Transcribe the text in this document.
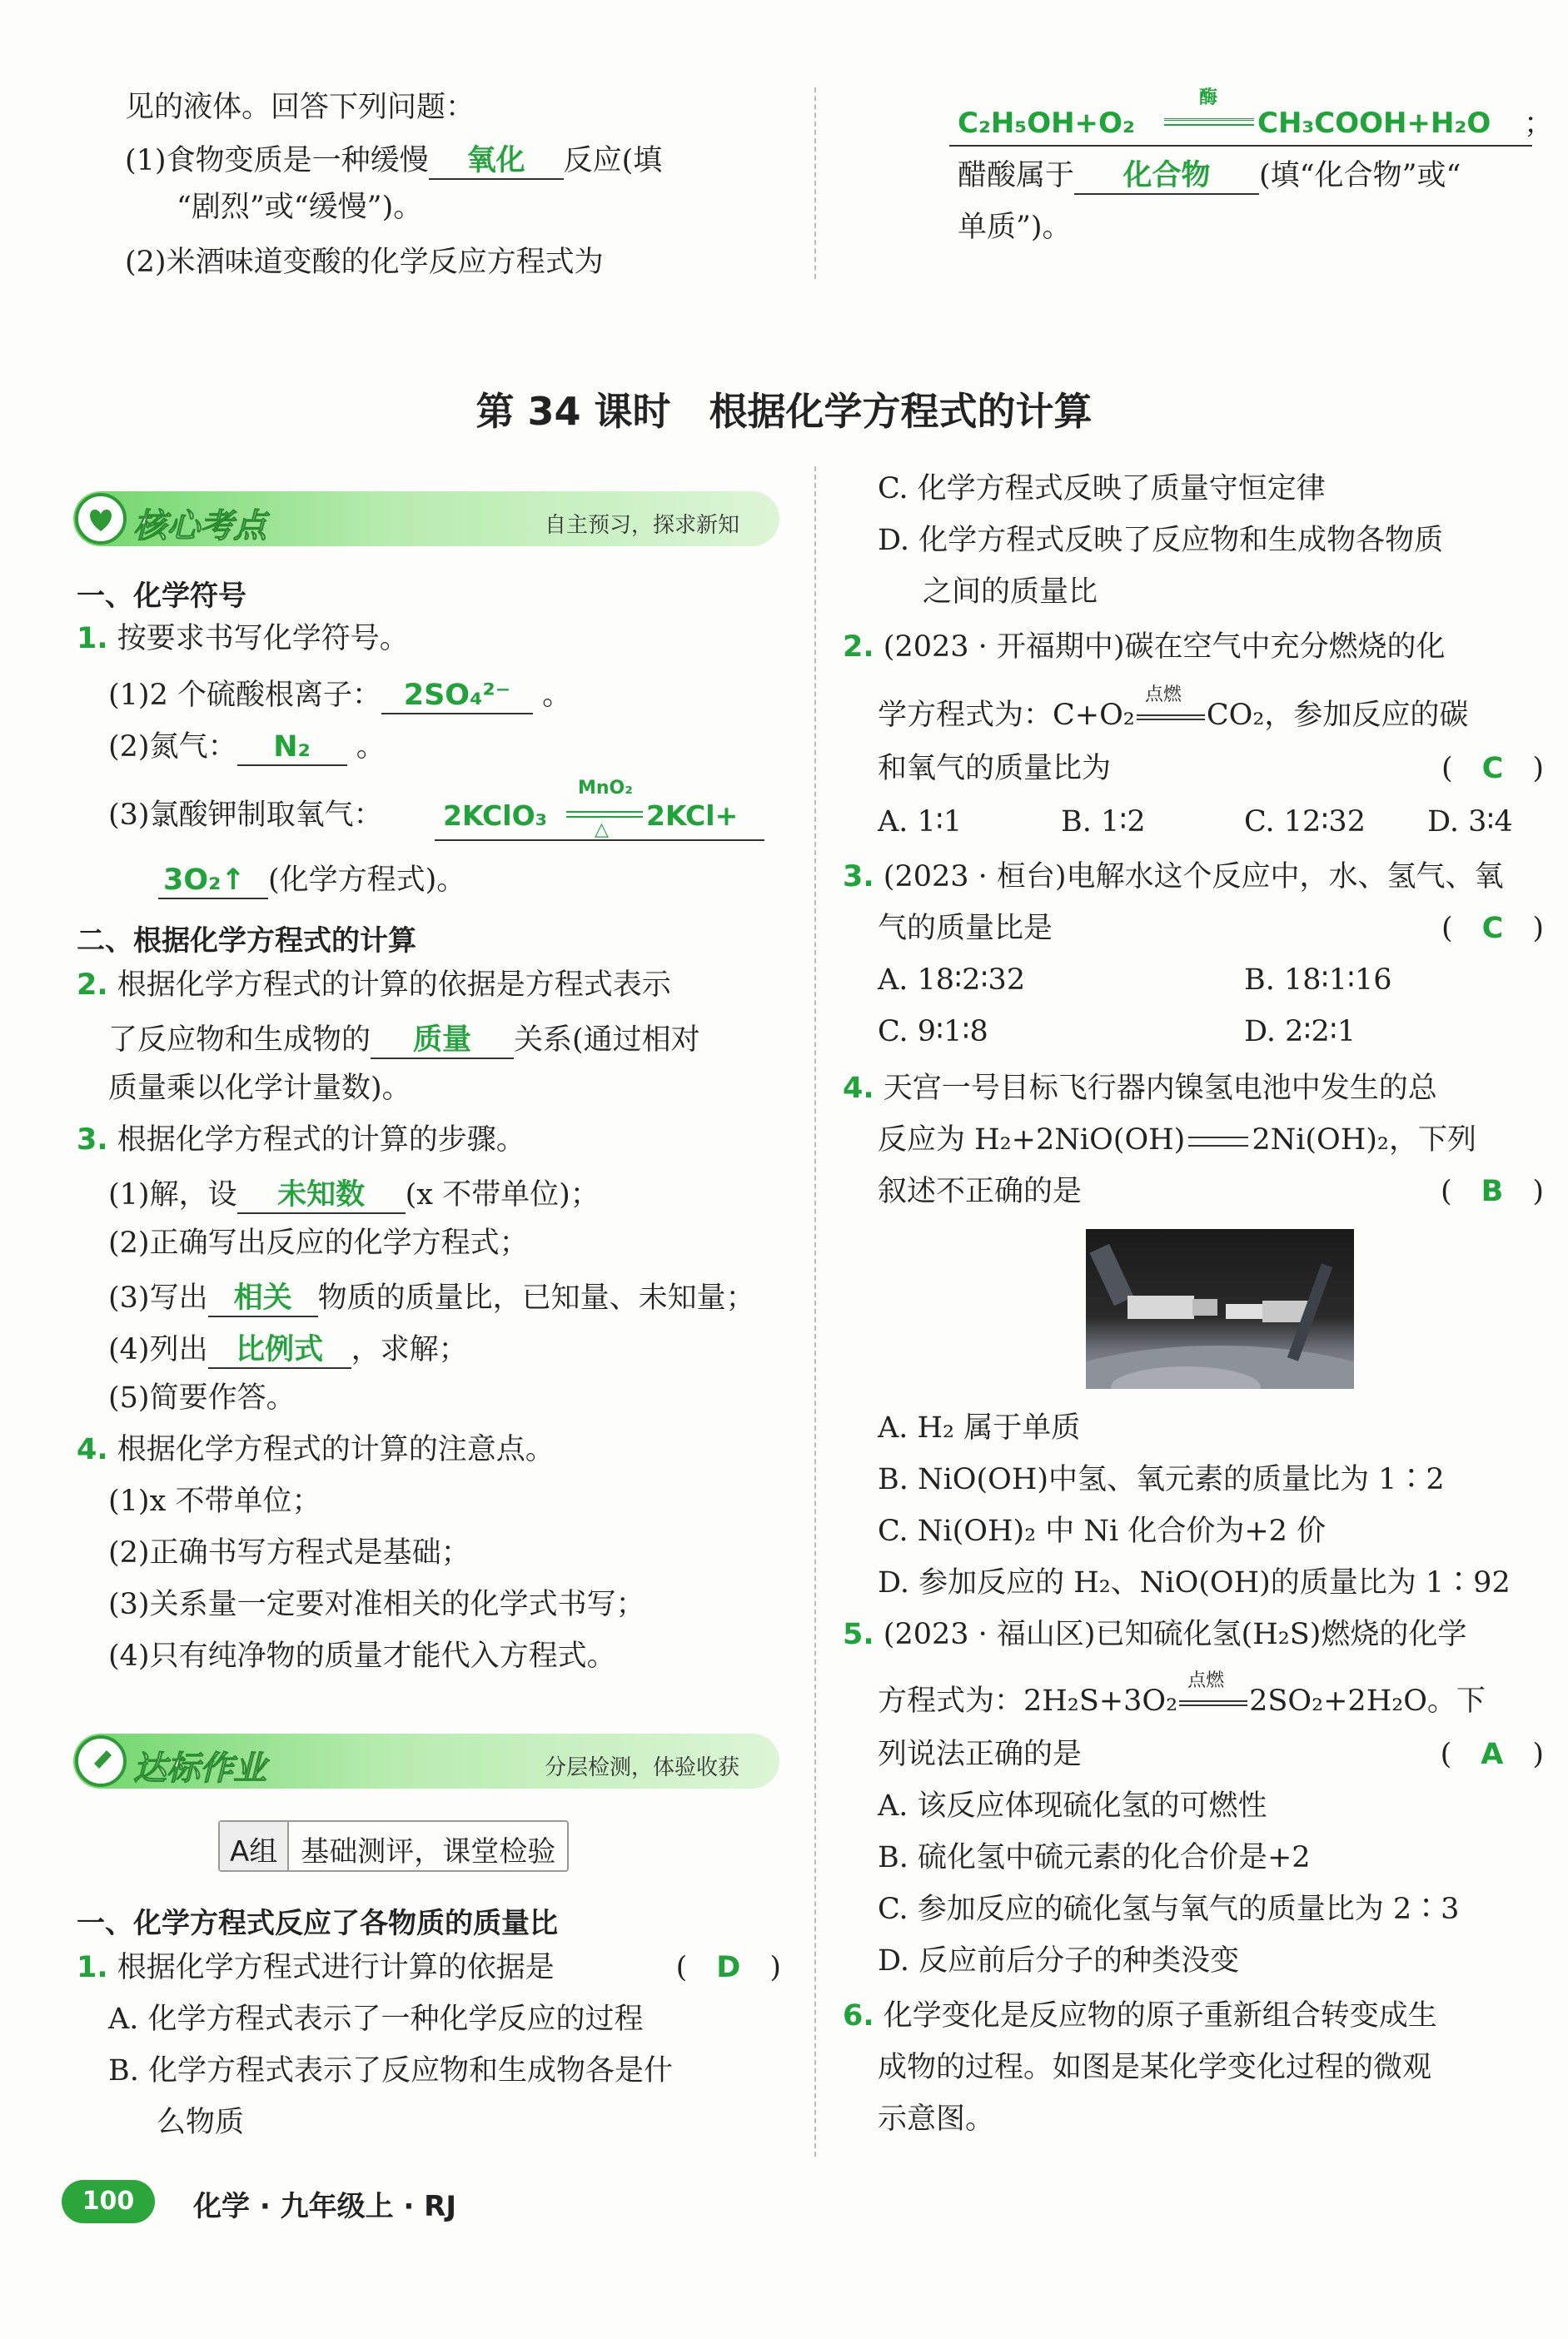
见的液体。回答下列问题：
(1)食物变质是一种缓慢 氧化 反应(填
“剧烈”或“缓慢”)。
(2)米酒味道变酸的化学反应方程式为
C₂H₅OH+O₂
酶
CH₃COOH+H₂O ；
醋酸属于 化合物 (填“化合物”或“
单质”)。
第 34 课时　根据化学方程式的计算
核心考点	自主预习，探求新知
一、化学符号
1. 按要求书写化学符号。
(1)2 个硫酸根离子： 2SO₄²⁻ 。
(2)氮气： N₂ 。
(3)氯酸钾制取氧气： 2KClO₃
MnO₂
△ 2KCl+
3O₂↑ (化学方程式)。
二、根据化学方程式的计算
2. 根据化学方程式的计算的依据是方程式表示
了反应物和生成物的 质量 关系(通过相对
质量乘以化学计量数)。
3. 根据化学方程式的计算的步骤。
(1)解，设 未知数 (x 不带单位)；
(2)正确写出反应的化学方程式；
(3)写出 相关 物质的质量比，已知量、未知量；
(4)列出 比例式 ，求解；
(5)简要作答。
4. 根据化学方程式的计算的注意点。
(1)x 不带单位；
(2)正确书写方程式是基础；
(3)关系量一定要对准相关的化学式书写；
(4)只有纯净物的质量才能代入方程式。
达标作业	分层检测，体验收获
A组 基础测评，课堂检验
一、化学方程式反应了各物质的质量比
1. 根据化学方程式进行计算的依据是	(　D　)
A. 化学方程式表示了一种化学反应的过程
B. 化学方程式表示了反应物和生成物各是什
么物质
C. 化学方程式反映了质量守恒定律
D. 化学方程式反映了反应物和生成物各物质
之间的质量比
2. (2023 · 开福期中)碳在空气中充分燃烧的化
学方程式为：C+O₂
点燃
CO₂，参加反应的碳
和氧气的质量比为	(　C　)
A. 1∶1	B. 1∶2	C. 12∶32 D. 3∶4
3. (2023 · 桓台)电解水这个反应中，水、氢气、氧
气的质量比是	(　C　)
A. 18∶2∶32	B. 18∶1∶16
C. 9∶1∶8	D. 2∶2∶1
4. 天宫一号目标飞行器内镍氢电池中发生的总
反应为 H₂+2NiO(OH) 2Ni(OH)₂，下列
叙述不正确的是	(　B　)
A. H₂ 属于单质
B. NiO(OH)中氢、氧元素的质量比为 1∶2
C. Ni(OH)₂ 中 Ni 化合价为+2 价
D. 参加反应的 H₂、NiO(OH)的质量比为 1∶92
5. (2023 · 福山区)已知硫化氢(H₂S)燃烧的化学
方程式为：2H₂S+3O₂
点燃
2SO₂+2H₂O。下
列说法正确的是	(　A　)
A. 该反应体现硫化氢的可燃性
B. 硫化氢中硫元素的化合价是+2
C. 参加反应的硫化氢与氧气的质量比为 2∶3
D. 反应前后分子的种类没变
6. 化学变化是反应物的原子重新组合转变成生
成物的过程。如图是某化学变化过程的微观
示意图。
100	化学 · 九年级上 · RJ
